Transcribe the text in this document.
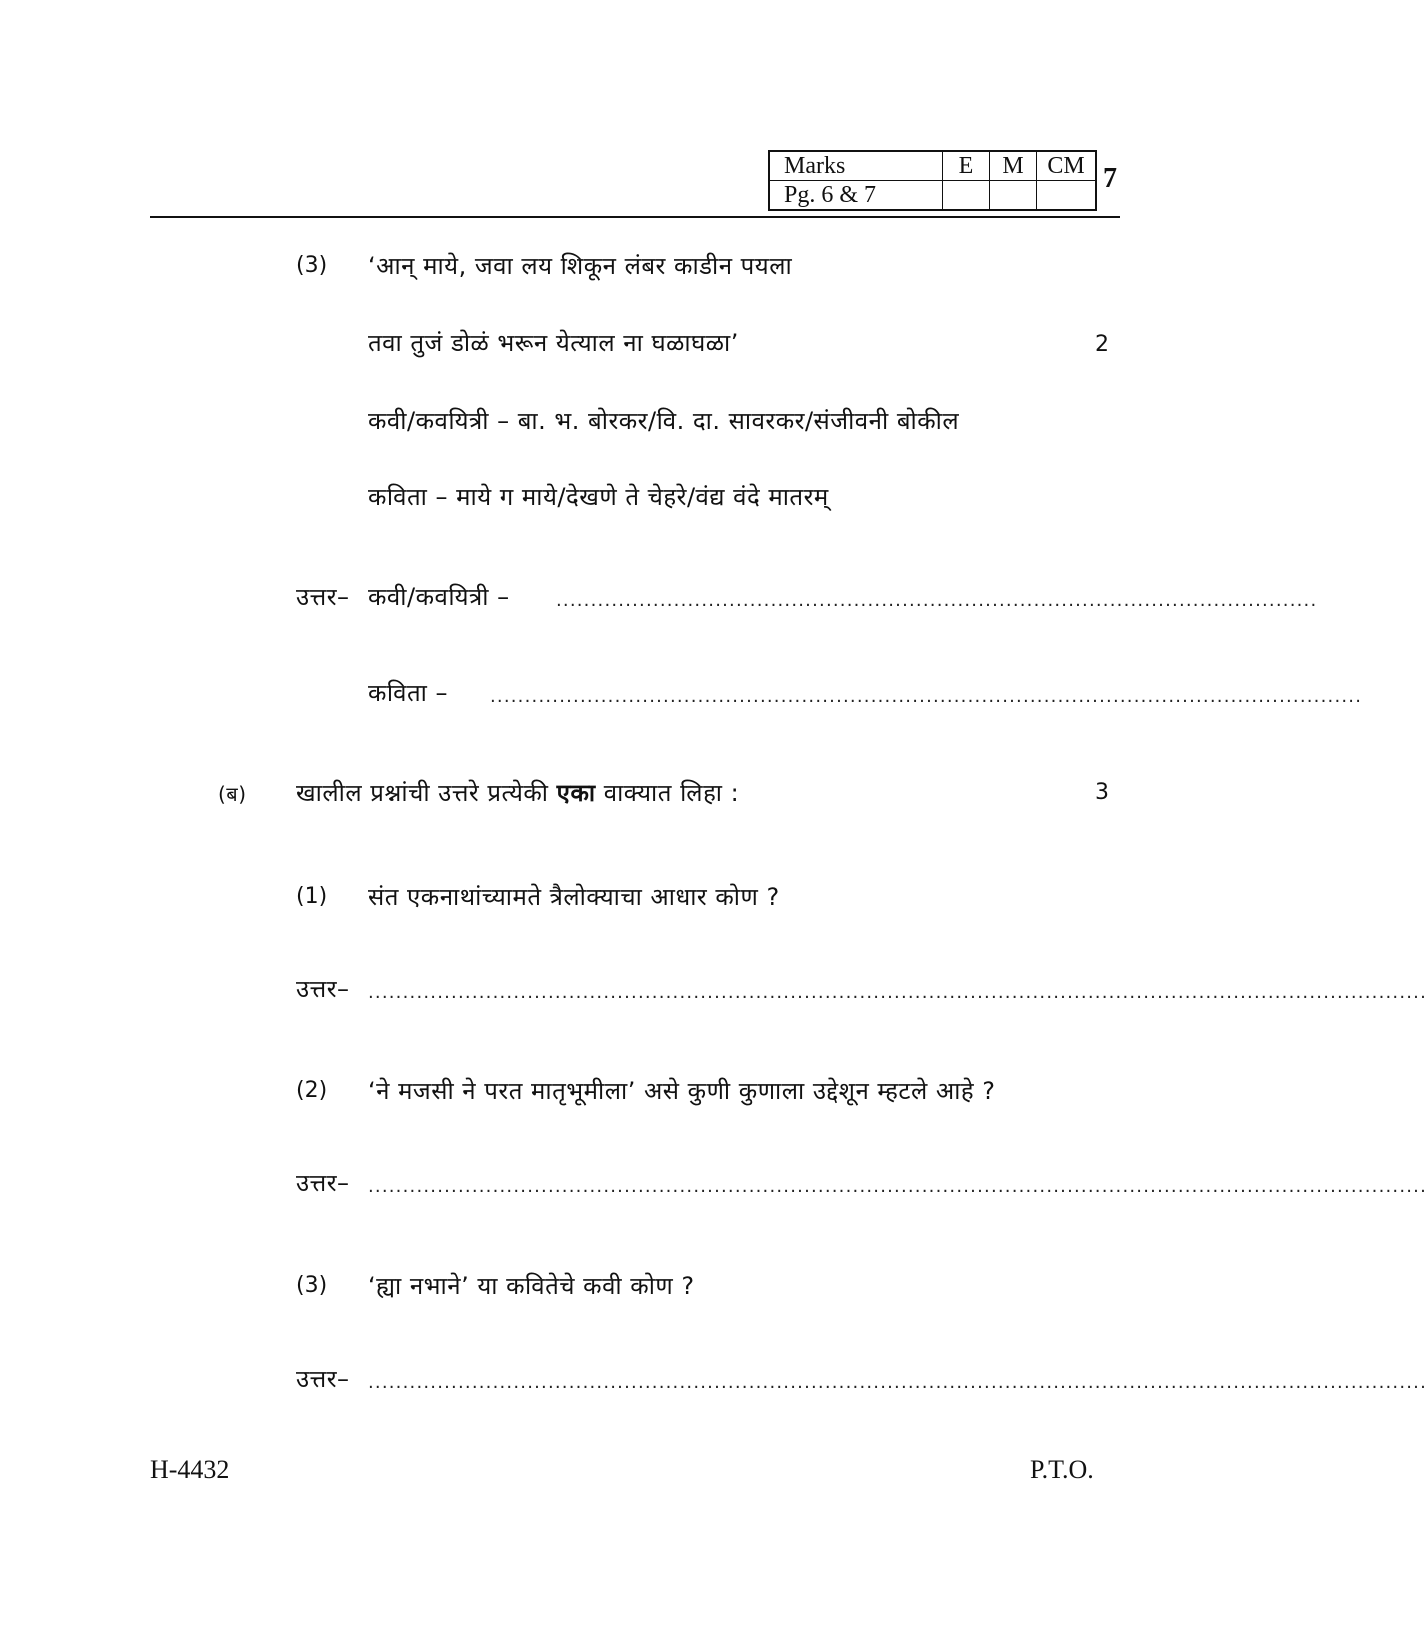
Marks	E	M	CM
Pg. 6 & 7			
7
(3) ‘आन् माये, जवा लय शिकून लंबर काडीन पयला
तवा तुजं डोळं भरून येत्याल ना घळाघळा’	2
कवी/कवयित्री – बा. भ. बोरकर/वि. दा. सावरकर/संजीवनी बोकील
कविता – माये ग माये/देखणे ते चेहरे/वंद्य वंदे मातरम्
उत्तर– कवी/कवयित्री –	..............................................................................................................
कविता – ..............................................................................................................................
(ब) खालील प्रश्नांची उत्तरे प्रत्येकी एका वाक्यात लिहा :	3
(1) संत एकनाथांच्यामते त्रैलोक्याचा आधार कोण ?
उत्तर– .........................................................................................................................................................
(2) ‘ने मजसी ने परत मातृभूमीला’ असे कुणी कुणाला उद्देशून म्हटले आहे ?
उत्तर– .........................................................................................................................................................
(3) ‘ह्या नभाने’ या कवितेचे कवी कोण ?
उत्तर– .........................................................................................................................................................
H-4432	P.T.O.
